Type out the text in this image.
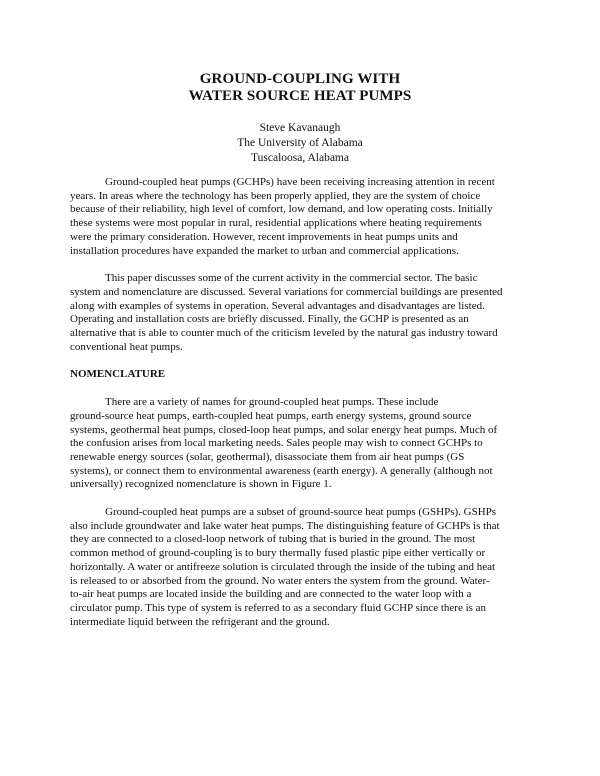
GROUND-COUPLING WITH
WATER SOURCE HEAT PUMPS
Steve Kavanaugh
The University of Alabama
Tuscaloosa, Alabama
Ground-coupled heat pumps (GCHPs) have been receiving increasing attention in recent
years. In areas where the technology has been properly applied, they are the system of choice
because of their reliability, high level of comfort, low demand, and low operating costs. Initially
these systems were most popular in rural, residential applications where heating requirements
were the primary consideration. However, recent improvements in heat pumps units and
installation procedures have expanded the market to urban and commercial applications.
This paper discusses some of the current activity in the commercial sector. The basic
system and nomenclature are discussed. Several variations for commercial buildings are presented
along with examples of systems in operation. Several advantages and disadvantages are listed.
Operating and installation costs are briefly discussed. Finally, the GCHP is presented as an
alternative that is able to counter much of the criticism leveled by the natural gas industry toward
conventional heat pumps.
NOMENCLATURE
There are a variety of names for ground-coupled heat pumps. These include
ground-source heat pumps, earth-coupled heat pumps, earth energy systems, ground source
systems, geothermal heat pumps, closed-loop heat pumps, and solar energy heat pumps. Much of
the confusion arises from local marketing needs. Sales people may wish to connect GCHPs to
renewable energy sources (solar, geothermal), disassociate them from air heat pumps (GS
systems), or connect them to environmental awareness (earth energy). A generally (although not
universally) recognized nomenclature is shown in Figure 1.
Ground-coupled heat pumps are a subset of ground-source heat pumps (GSHPs). GSHPs
also include groundwater and lake water heat pumps. The distinguishing feature of GCHPs is that
they are connected to a closed-loop network of tubing that is buried in the ground. The most
common method of ground-coupling is to bury thermally fused plastic pipe either vertically or
horizontally. A water or antifreeze solution is circulated through the inside of the tubing and heat
is released to or absorbed from the ground. No water enters the system from the ground. Water-
to-air heat pumps are located inside the building and are connected to the water loop with a
circulator pump. This type of system is referred to as a secondary fluid GCHP since there is an
intermediate liquid between the refrigerant and the ground.
